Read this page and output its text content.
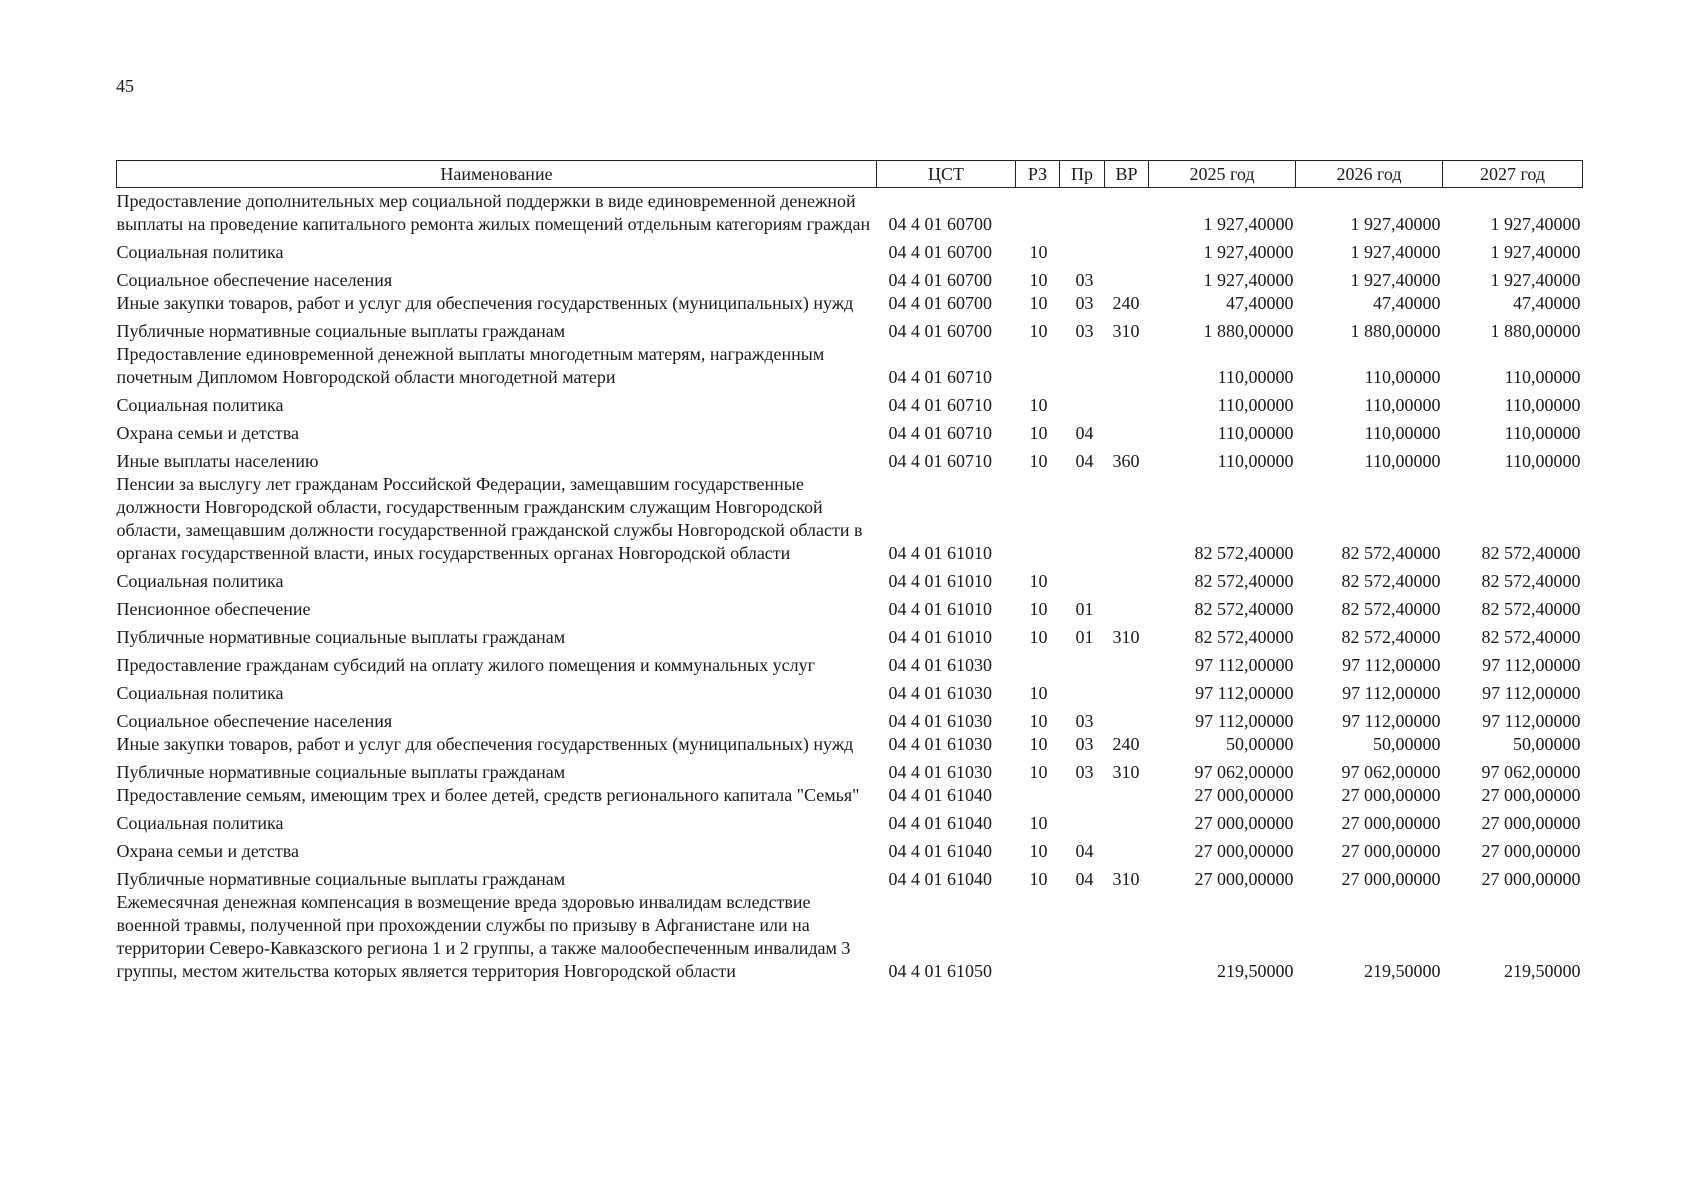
45
Наименование	ЦСТ	РЗ	Пр	ВР	2025 год	2026 год	2027 год
Предоставление дополнительных мер социальной поддержки в виде единовременной денежной выплаты на проведение капитального ремонта жилых помещений отдельным категориям граждан	04 4 01 60700				1 927,40000	1 927,40000	1 927,40000
Социальная политика	04 4 01 60700	10			1 927,40000	1 927,40000	1 927,40000
Социальное обеспечение населения	04 4 01 60700	10	03		1 927,40000	1 927,40000	1 927,40000
Иные закупки товаров, работ и услуг для обеспечения государственных (муниципальных) нужд	04 4 01 60700	10	03	240	47,40000	47,40000	47,40000
Публичные нормативные социальные выплаты гражданам	04 4 01 60700	10	03	310	1 880,00000	1 880,00000	1 880,00000
Предоставление единовременной денежной выплаты многодетным матерям, награжденным почетным Дипломом Новгородской области многодетной матери	04 4 01 60710				110,00000	110,00000	110,00000
Социальная политика	04 4 01 60710	10			110,00000	110,00000	110,00000
Охрана семьи и детства	04 4 01 60710	10	04		110,00000	110,00000	110,00000
Иные выплаты населению	04 4 01 60710	10	04	360	110,00000	110,00000	110,00000
Пенсии за выслугу лет гражданам Российской Федерации, замещавшим государственные должности Новгородской области, государственным гражданским служащим Новгородской области, замещавшим должности государственной гражданской службы Новгородской области в органах государственной власти, иных государственных органах Новгородской области	04 4 01 61010				82 572,40000	82 572,40000	82 572,40000
Социальная политика	04 4 01 61010	10			82 572,40000	82 572,40000	82 572,40000
Пенсионное обеспечение	04 4 01 61010	10	01		82 572,40000	82 572,40000	82 572,40000
Публичные нормативные социальные выплаты гражданам	04 4 01 61010	10	01	310	82 572,40000	82 572,40000	82 572,40000
Предоставление гражданам субсидий на оплату жилого помещения и коммунальных услуг	04 4 01 61030				97 112,00000	97 112,00000	97 112,00000
Социальная политика	04 4 01 61030	10			97 112,00000	97 112,00000	97 112,00000
Социальное обеспечение населения	04 4 01 61030	10	03		97 112,00000	97 112,00000	97 112,00000
Иные закупки товаров, работ и услуг для обеспечения государственных (муниципальных) нужд	04 4 01 61030	10	03	240	50,00000	50,00000	50,00000
Публичные нормативные социальные выплаты гражданам	04 4 01 61030	10	03	310	97 062,00000	97 062,00000	97 062,00000
Предоставление семьям, имеющим трех и более детей, средств регионального капитала "Семья"	04 4 01 61040				27 000,00000	27 000,00000	27 000,00000
Социальная политика	04 4 01 61040	10			27 000,00000	27 000,00000	27 000,00000
Охрана семьи и детства	04 4 01 61040	10	04		27 000,00000	27 000,00000	27 000,00000
Публичные нормативные социальные выплаты гражданам	04 4 01 61040	10	04	310	27 000,00000	27 000,00000	27 000,00000
Ежемесячная денежная компенсация в возмещение вреда здоровью инвалидам вследствие военной травмы, полученной при прохождении службы по призыву в Афганистане или на территории Северо-Кавказского региона 1 и 2 группы, а также малообеспеченным инвалидам 3 группы, местом жительства которых является территория Новгородской области	04 4 01 61050				219,50000	219,50000	219,50000
